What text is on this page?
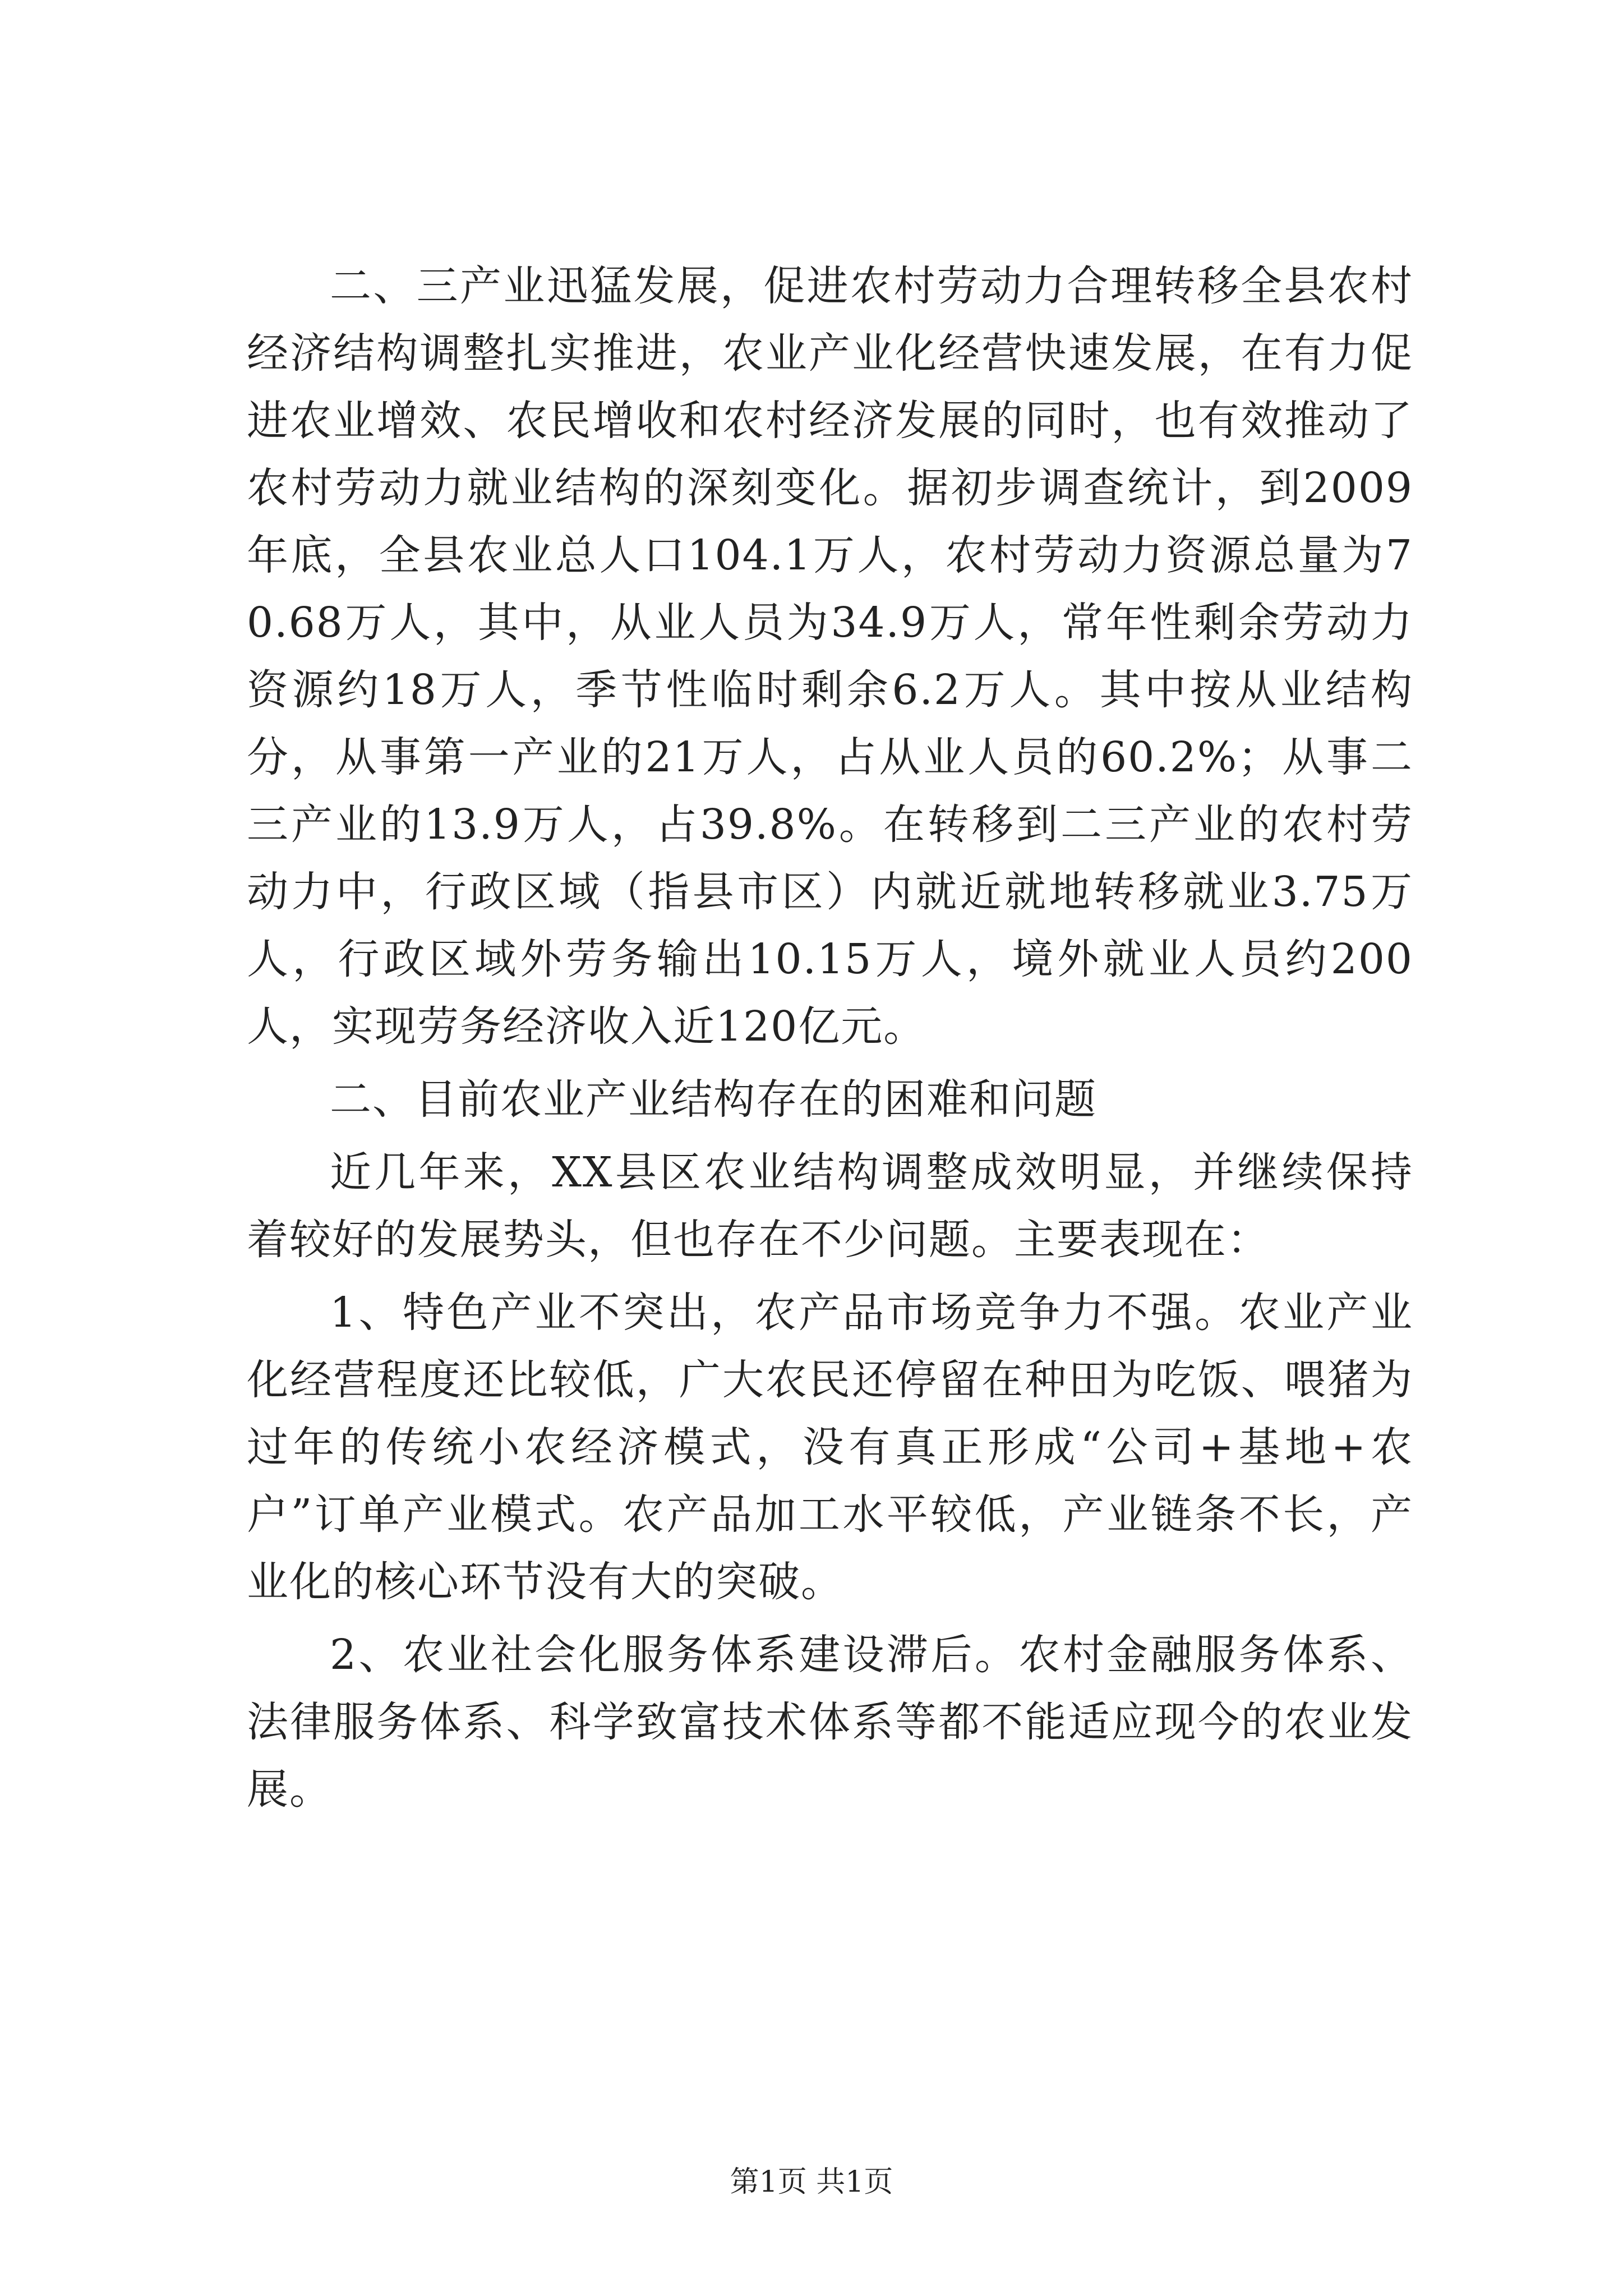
二、三产业迅猛发展，促进农村劳动力合理转移全县农村经济结构调整扎实推进，农业产业化经营快速发展，在有力促进农业增效、农民增收和农村经济发展的同时，也有效推动了农村劳动力就业结构的深刻变化。据初步调查统计，到2009年底，全县农业总人口104.1万人，农村劳动力资源总量为70.68万人，其中，从业人员为34.9万人，常年性剩余劳动力资源约18万人，季节性临时剩余6.2万人。其中按从业结构分，从事第一产业的21万人，占从业人员的60.2%；从事二三产业的13.9万人，占39.8%。在转移到二三产业的农村劳动力中，行政区域（指县市区）内就近就地转移就业3.75万人，行政区域外劳务输出10.15万人，境外就业人员约200人，实现劳务经济收入近120亿元。

二、目前农业产业结构存在的困难和问题

近几年来，XX县区农业结构调整成效明显，并继续保持着较好的发展势头，但也存在不少问题。主要表现在：

1、特色产业不突出，农产品市场竞争力不强。农业产业化经营程度还比较低，广大农民还停留在种田为吃饭、喂猪为过年的传统小农经济模式，没有真正形成“公司+基地+农户”订单产业模式。农产品加工水平较低，产业链条不长，产业化的核心环节没有大的突破。

2、农业社会化服务体系建设滞后。农村金融服务体系、法律服务体系、科学致富技术体系等都不能适应现今的农业发展。

第1页 共1页
